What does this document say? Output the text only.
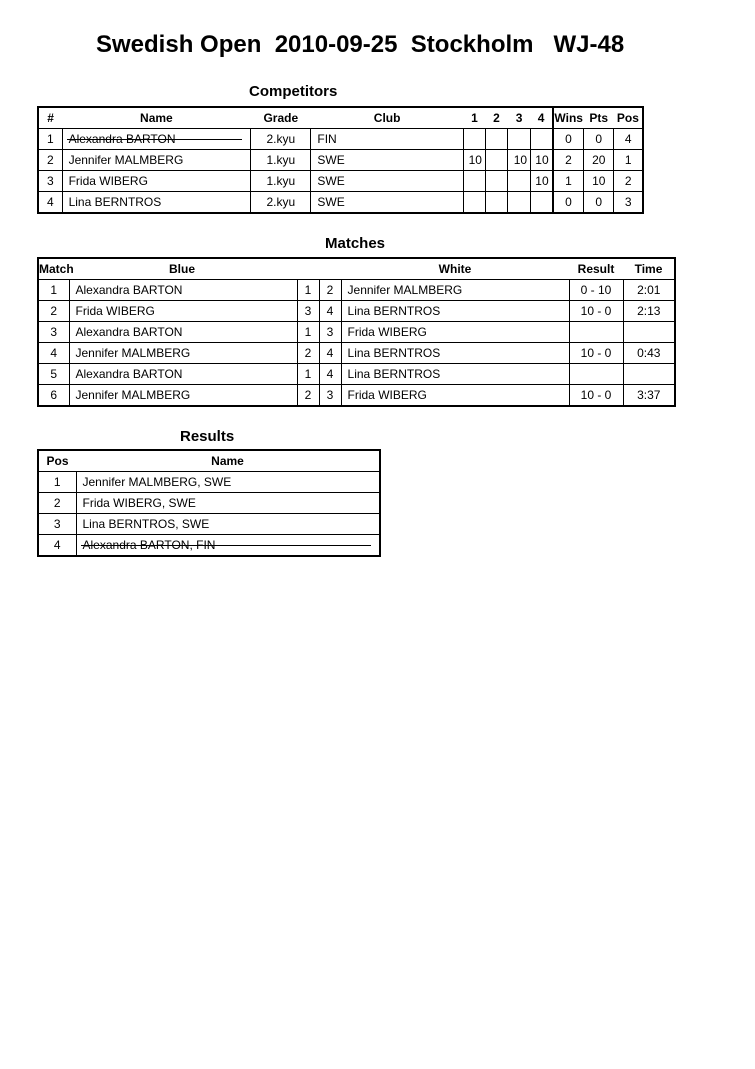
Swedish Open  2010-09-25  Stockholm   WJ-48
Competitors
#	Name	Grade	Club	1	2	3	4	Wins	Pts	Pos
1	Alexandra BARTON	2.kyu	FIN					0	0	4
2	Jennifer MALMBERG	1.kyu	SWE	10		10	10	2	20	1
3	Frida WIBERG	1.kyu	SWE				10	1	10	2
4	Lina BERNTROS	2.kyu	SWE					0	0	3
Matches
Match	Blue			White	Result	Time
1	Alexandra BARTON	1	2	Jennifer MALMBERG	0 - 10	2:01
2	Frida WIBERG	3	4	Lina BERNTROS	10 - 0	2:13
3	Alexandra BARTON	1	3	Frida WIBERG		
4	Jennifer MALMBERG	2	4	Lina BERNTROS	10 - 0	0:43
5	Alexandra BARTON	1	4	Lina BERNTROS		
6	Jennifer MALMBERG	2	3	Frida WIBERG	10 - 0	3:37
Results
Pos	Name
1	Jennifer MALMBERG, SWE
2	Frida WIBERG, SWE
3	Lina BERNTROS, SWE
4	Alexandra BARTON, FIN
